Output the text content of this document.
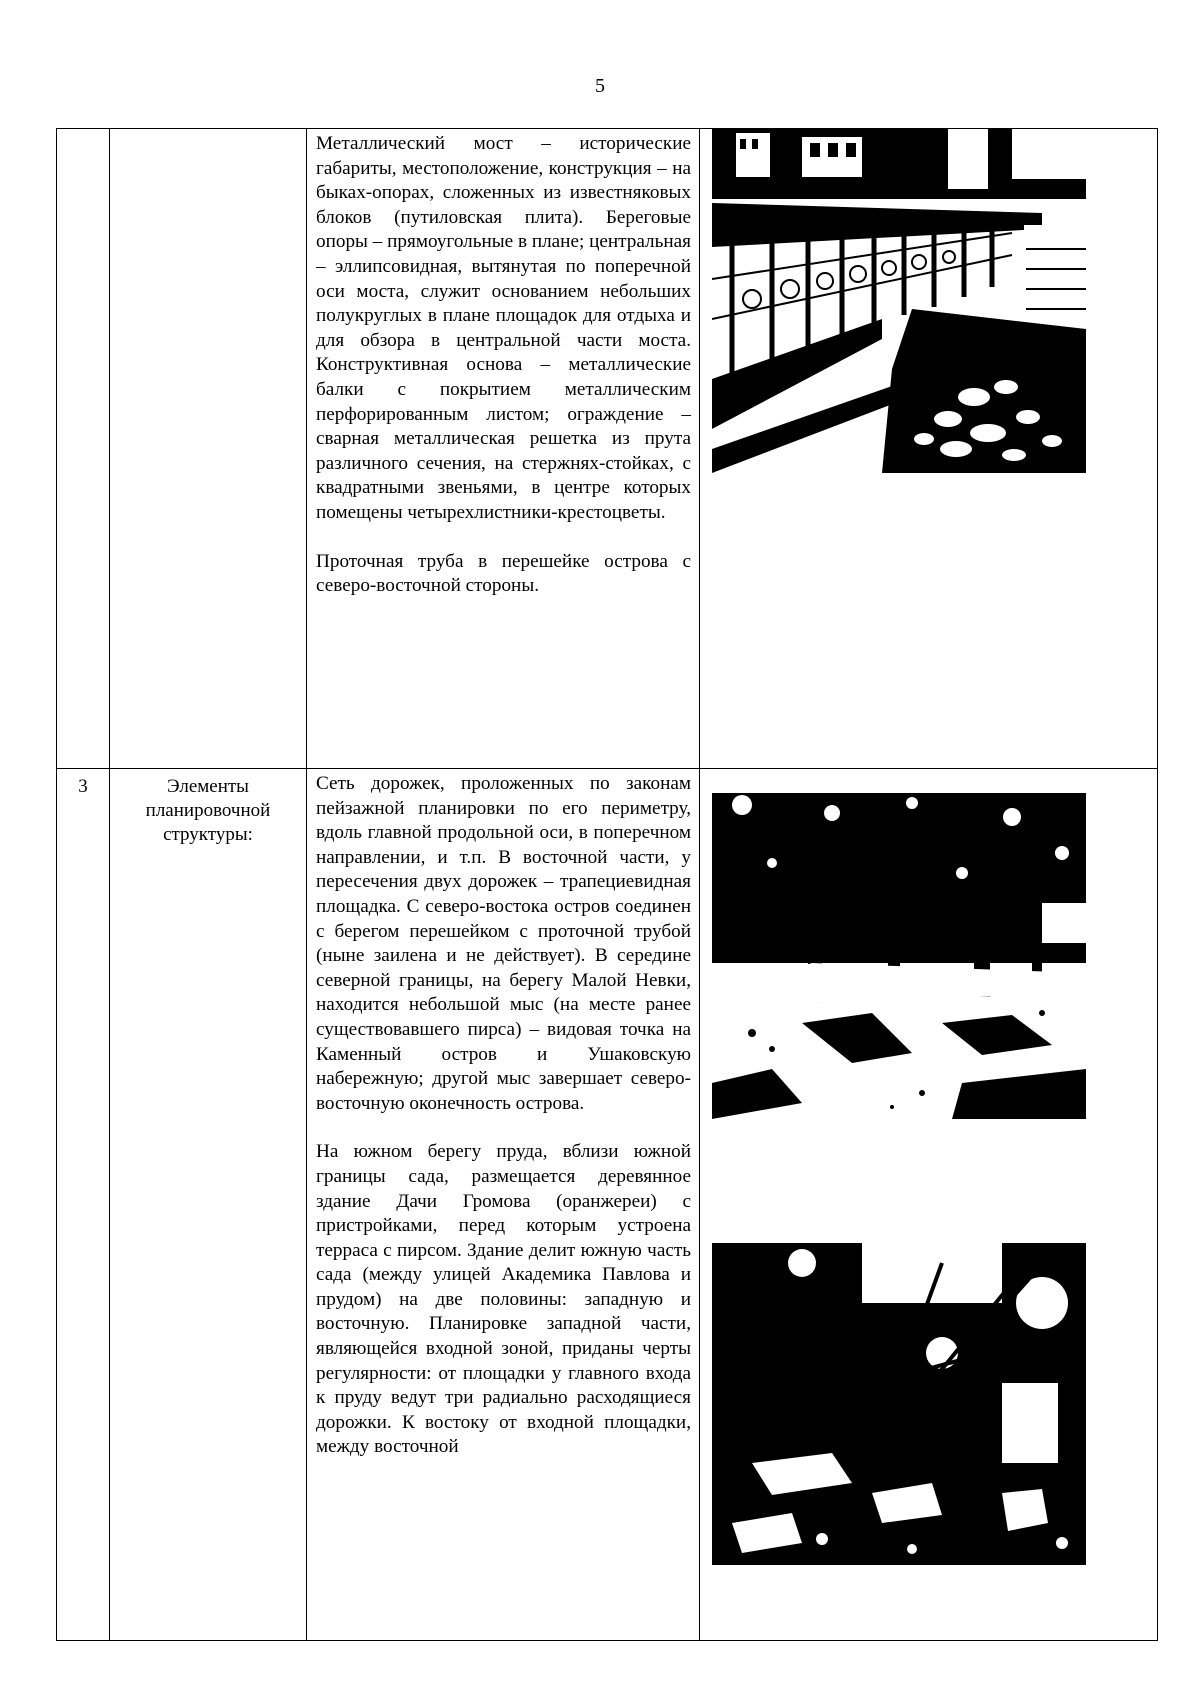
5

		Металлический мост – исторические габариты, местоположение, конструкция – на быках-опорах, сложенных из известняковых блоков (путиловская плита). Береговые опоры – прямоугольные в плане; центральная – эллипсовидная, вытянутая по поперечной оси моста, служит основанием небольших полукруглых в плане площадок для отдыха и для обзора в центральной части моста. Конструктивная основа – металлические балки с покрытием металлическим перфорированным листом; ограждение – сварная металлическая решетка из прута различного сечения, на стержнях-стойках, с квадратными звеньями, в центре которых помещены четырехлистники-крестоцветы.

Проточная труба в перешейке острова с северо-восточной стороны.

3	Элементы планировочной структуры:	Сеть дорожек, проложенных по законам пейзажной планировки по его периметру, вдоль главной продольной оси, в поперечном направлении, и т.п. В восточной части, у пересечения двух дорожек – трапециевидная площадка. С северо-востока остров соединен с берегом перешейком с проточной трубой (ныне заилена и не действует). В середине северной границы, на берегу Малой Невки, находится небольшой мыс (на месте ранее существовавшего пирса) – видовая точка на Каменный остров и Ушаковскую набережную; другой мыс завершает северо-восточную оконечность острова.

На южном берегу пруда, вблизи южной границы сада, размещается деревянное здание Дачи Громова (оранжереи) с пристройками, перед которым устроена терраса с пирсом. Здание делит южную часть сада (между улицей Академика Павлова и прудом) на две половины: западную и восточную. Планировке западной части, являющейся входной зоной, приданы черты регулярности: от площадки у главного входа к пруду ведут три радиально расходящиеся дорожки. К востоку от входной площадки, между восточной
